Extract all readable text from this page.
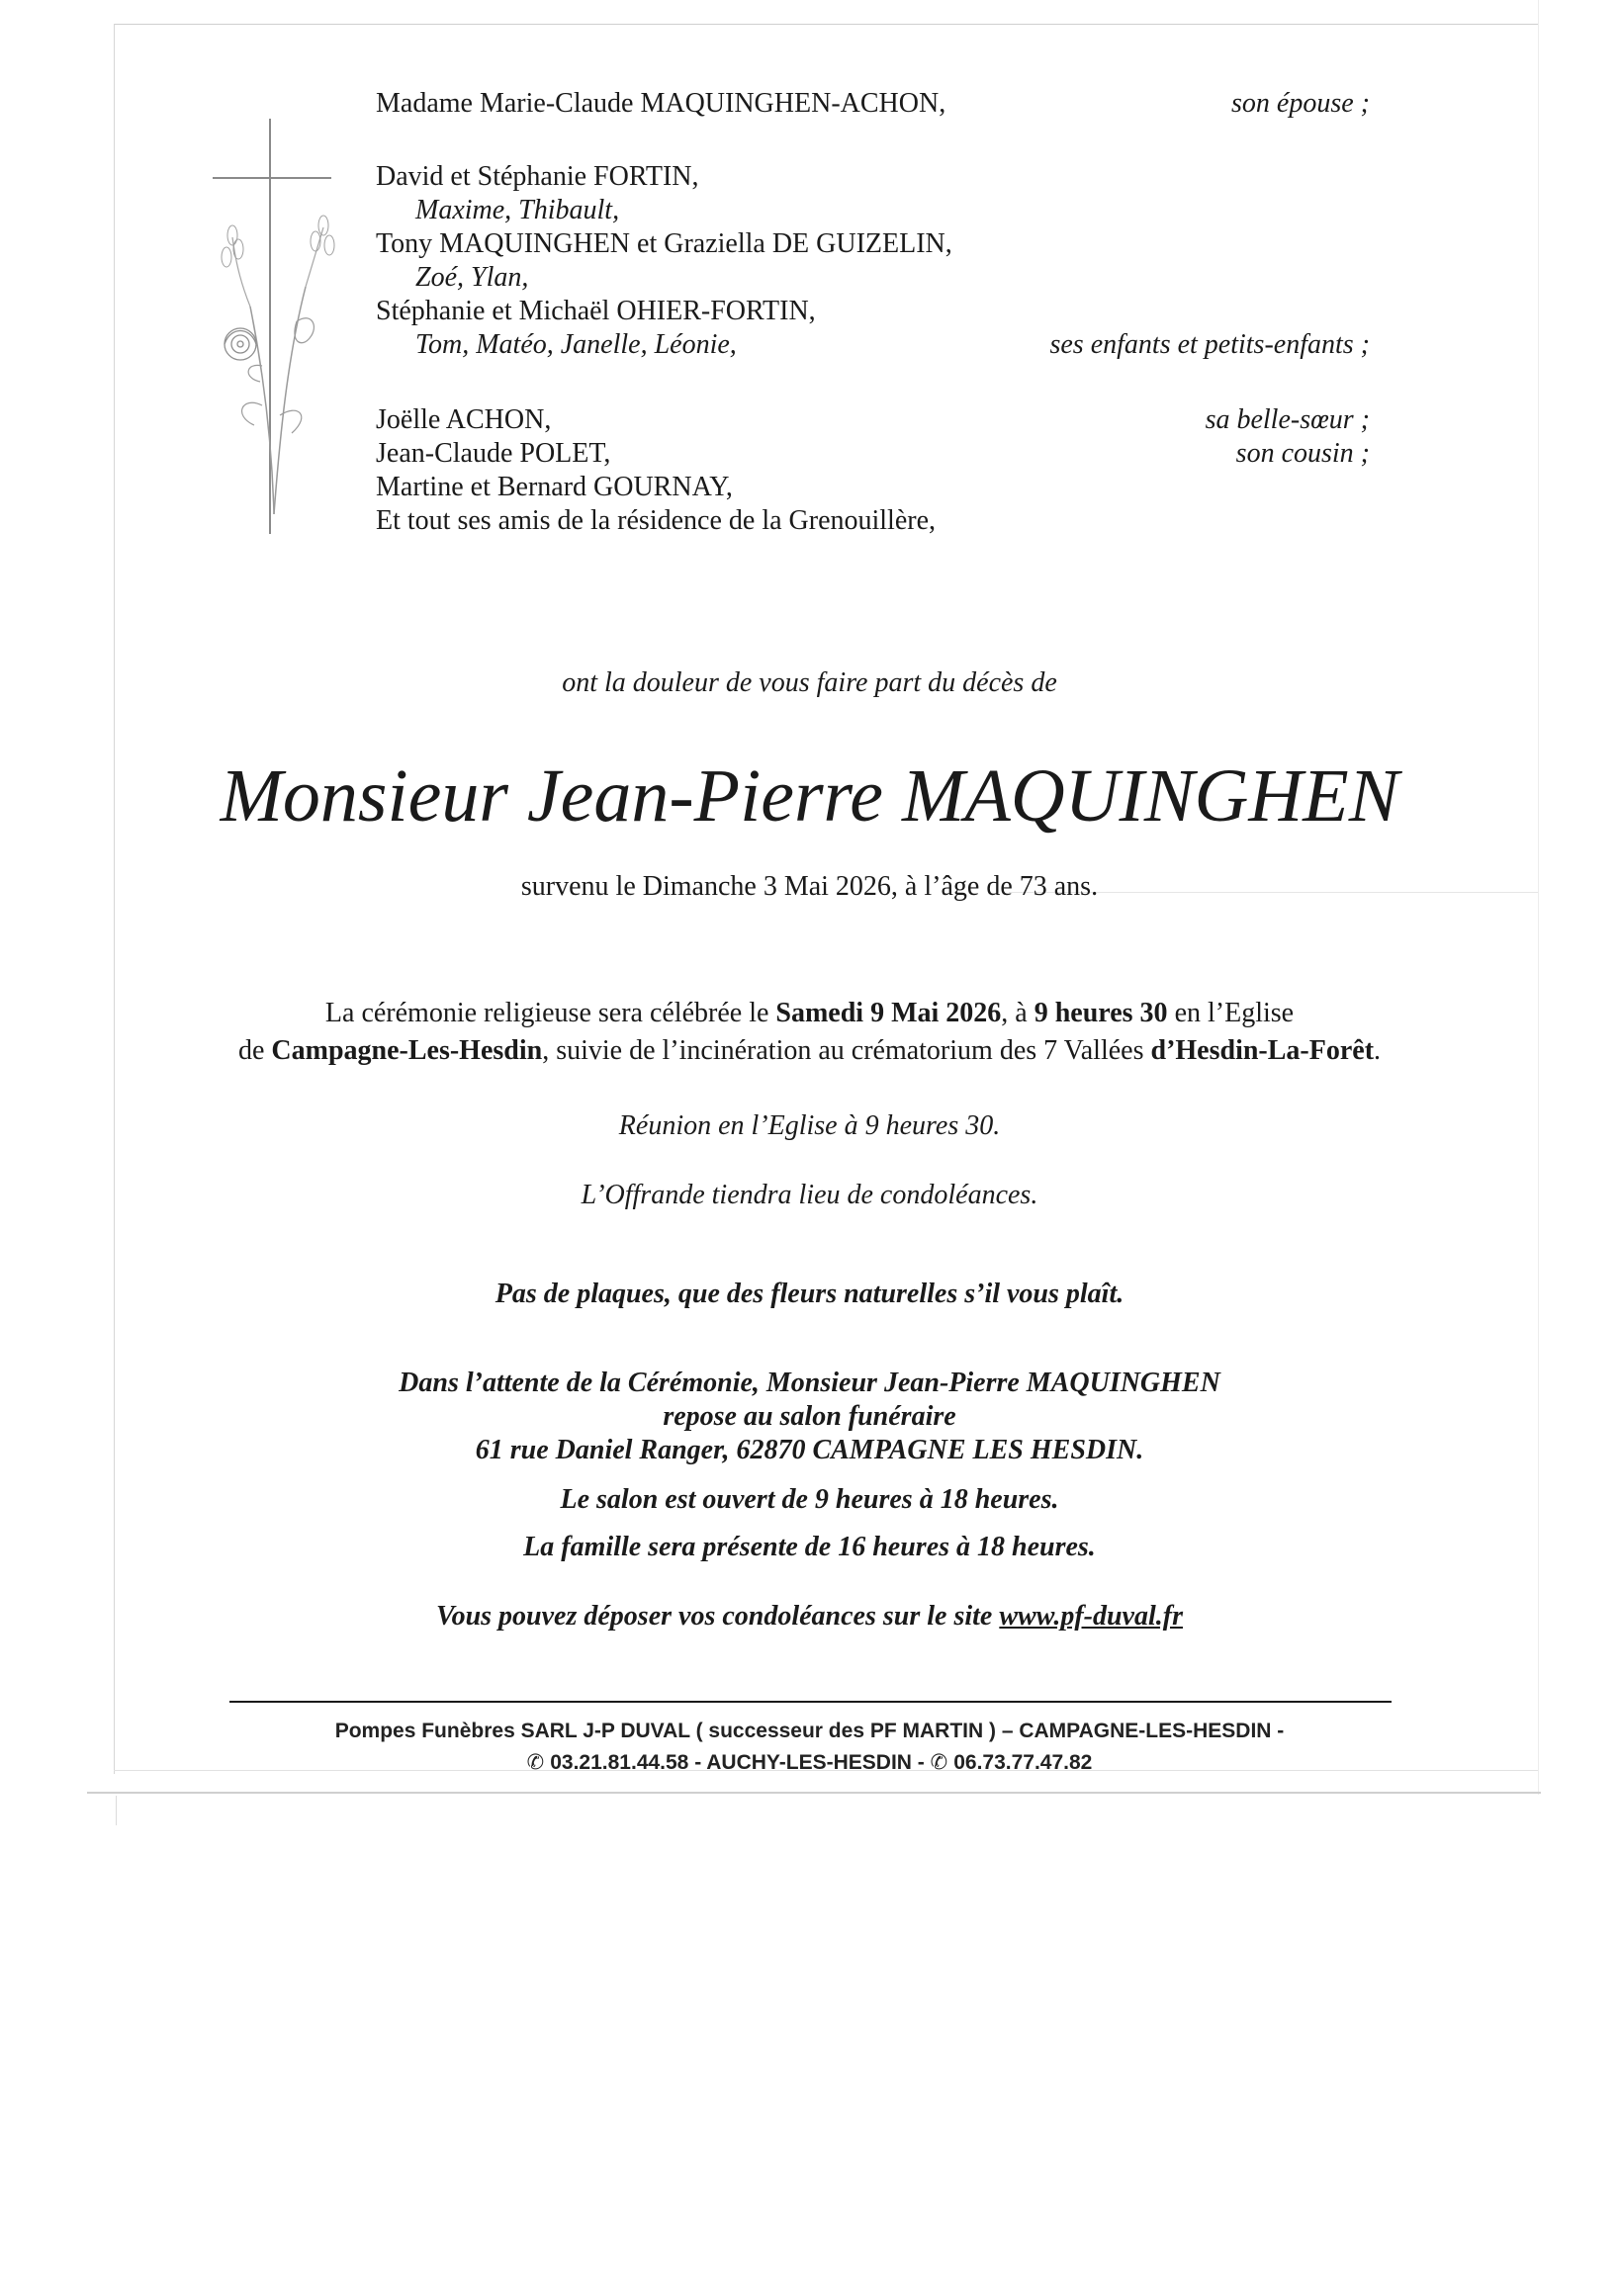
Madame Marie-Claude MAQUINGHEN-ACHON,	son épouse ;
David et Stéphanie FORTIN,
Maxime, Thibault,
Tony MAQUINGHEN et Graziella DE GUIZELIN,
Zoé, Ylan,
Stéphanie et Michaël OHIER-FORTIN,
Tom, Matéo, Janelle, Léonie,	ses enfants et petits-enfants ;
Joëlle ACHON,	sa belle-sœur ;
Jean-Claude POLET,	son cousin ;
Martine et Bernard GOURNAY,
Et tout ses amis de la résidence de la Grenouillère,
ont la douleur de vous faire part du décès de
Monsieur Jean-Pierre MAQUINGHEN
survenu le Dimanche 3 Mai 2026, à l’âge de 73 ans.
La cérémonie religieuse sera célébrée le Samedi 9 Mai 2026, à 9 heures 30 en l’Eglise
de Campagne-Les-Hesdin, suivie de l’incinération au crématorium des 7 Vallées d’Hesdin-La-Forêt.
Réunion en l’Eglise à 9 heures 30.
L’Offrande tiendra lieu de condoléances.
Pas de plaques, que des fleurs naturelles s’il vous plaît.
Dans l’attente de la Cérémonie, Monsieur Jean-Pierre MAQUINGHEN
repose au salon funéraire
61 rue Daniel Ranger, 62870 CAMPAGNE LES HESDIN.
Le salon est ouvert de 9 heures à 18 heures.
La famille sera présente de 16 heures à 18 heures.
Vous pouvez déposer vos condoléances sur le site www.pf-duval.fr
Pompes Funèbres SARL J-P DUVAL ( successeur des PF MARTIN ) – CAMPAGNE-LES-HESDIN -
✆ 03.21.81.44.58 - AUCHY-LES-HESDIN - ✆ 06.73.77.47.82
